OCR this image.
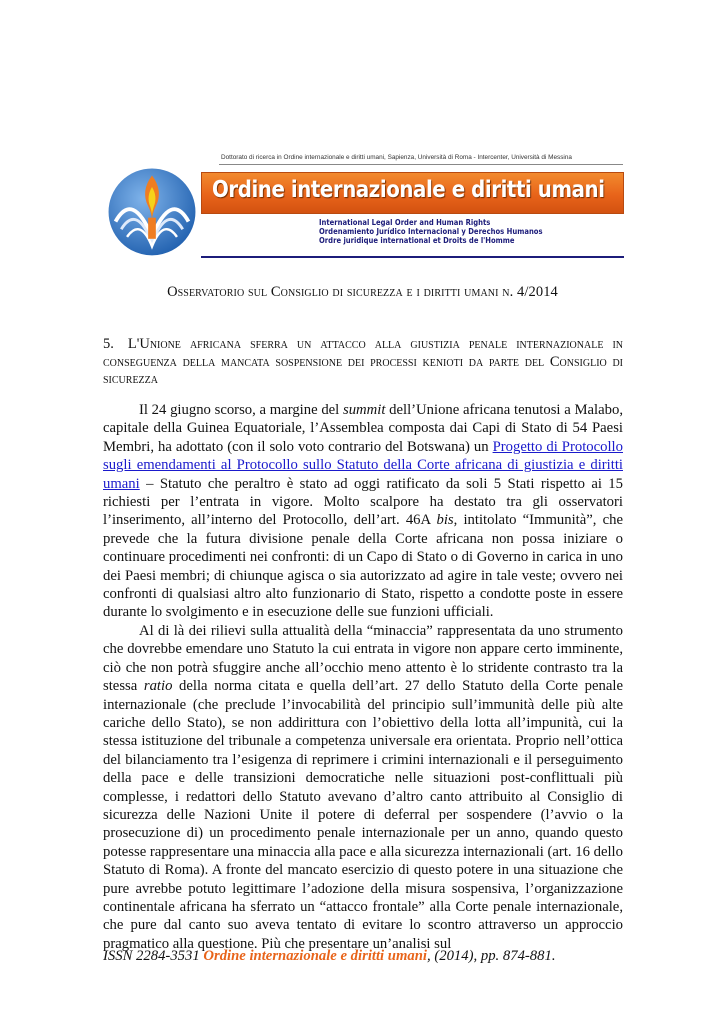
Dottorato di ricerca in Ordine internazionale e diritti umani, Sapienza, Università di Roma - Intercenter, Università di Messina
Ordine internazionale e diritti umani
International Legal Order and Human Rights
Ordenamiento Jurídico Internacional y Derechos Humanos
Ordre juridique international et Droits de l'Homme
Osservatorio sul Consiglio di sicurezza e i diritti umani n. 4/2014
5. L'Unione africana sferra un attacco alla giustizia penale internazionale in conseguenza della mancata sospensione dei processi kenioti da parte del Consiglio di sicurezza

Il 24 giugno scorso, a margine del summit dell’Unione africana tenutosi a Malabo, capitale della Guinea Equatoriale, l’Assemblea composta dai Capi di Stato di 54 Paesi Membri, ha adottato (con il solo voto contrario del Botswana) un Progetto di Protocollo sugli emendamenti al Protocollo sullo Statuto della Corte africana di giustizia e diritti umani – Statuto che peraltro è stato ad oggi ratificato da soli 5 Stati rispetto ai 15 richiesti per l’entrata in vigore. Molto scalpore ha destato tra gli osservatori l’inserimento, all’interno del Protocollo, dell’art. 46A bis, intitolato “Immunità”, che prevede che la futura divisione penale della Corte africana non possa iniziare o continuare procedimenti nei confronti: di un Capo di Stato o di Governo in carica in uno dei Paesi membri; di chiunque agisca o sia autorizzato ad agire in tale veste; ovvero nei confronti di qualsiasi altro alto funzionario di Stato, rispetto a condotte poste in essere durante lo svolgimento e in esecuzione delle sue funzioni ufficiali.

Al di là dei rilievi sulla attualità della “minaccia” rappresentata da uno strumento che dovrebbe emendare uno Statuto la cui entrata in vigore non appare certo imminente, ciò che non potrà sfuggire anche all’occhio meno attento è lo stridente contrasto tra la stessa ratio della norma citata e quella dell’art. 27 dello Statuto della Corte penale internazionale (che preclude l’invocabilità del principio sull’immunità delle più alte cariche dello Stato), se non addirittura con l’obiettivo della lotta all’impunità, cui la stessa istituzione del tribunale a competenza universale era orientata. Proprio nell’ottica del bilanciamento tra l’esigenza di reprimere i crimini internazionali e il perseguimento della pace e delle transizioni democratiche nelle situazioni post-conflittuali più complesse, i redattori dello Statuto avevano d’altro canto attribuito al Consiglio di sicurezza delle Nazioni Unite il potere di deferral per sospendere (l’avvio o la prosecuzione di) un procedimento penale internazionale per un anno, quando questo potesse rappresentare una minaccia alla pace e alla sicurezza internazionali (art. 16 dello Statuto di Roma). A fronte del mancato esercizio di questo potere in una situazione che pure avrebbe potuto legittimare l’adozione della misura sospensiva, l’organizzazione continentale africana ha sferrato un “attacco frontale” alla Corte penale internazionale, che pure dal canto suo aveva tentato di evitare lo scontro attraverso un approccio pragmatico alla questione. Più che presentare un’analisi sul

ISSN 2284-3531 Ordine internazionale e diritti umani, (2014), pp. 874-881.
